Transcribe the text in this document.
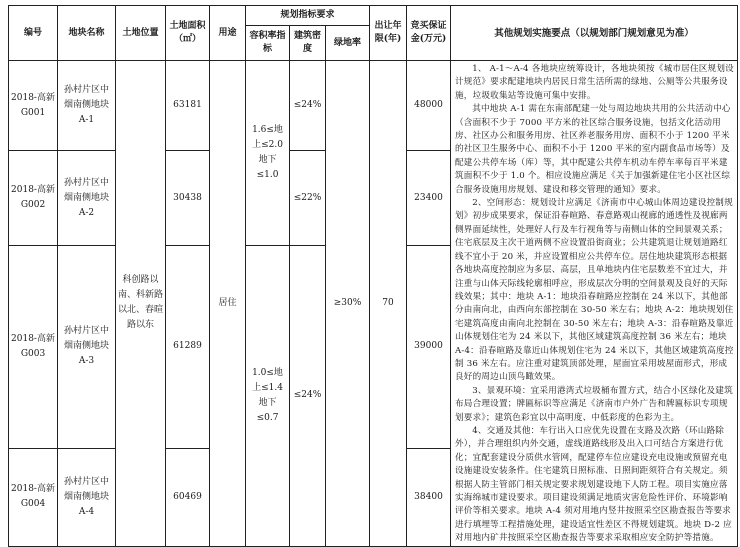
编号	地块名称	土地位置	土地面积（㎡）	用途	规划指标要求			出让年限(年)	竞买保证金(万元)	其他规划实施要点（以规划部门规划意见为准）
					容积率指标	建筑密度	绿地率			
2018-高新 G001	孙村片区中烟南侧地块A-1	科创路以南、科新路以北、春暄路以东	63181	居住	1.6≤地上≤2.0 地下≤1.0	≤24%	≥30%	70	48000	1、 A-1～A-4 各地块应统筹设计，各地块须按《城市居住区规划设计规范》要求配建地块内居民日常生活所需的绿地、公厕等公共服务设施，垃圾收集站等设施可集中安排。

其中地块 A-1 需在东南部配建一处与周边地块共用的公共活动中心（含面积不少于 7000 平方米的社区综合服务设施，包括文化活动用房、社区办公和服务用房、社区养老服务用房、面积不小于 1200 平米的社区卫生服务中心、面积不小于 1200 平米的室内副食品市场等）及配建公共停车场（库）等，其中配建公共停车机动车停车率每百平米建筑面积不少于 1.0 个。相应设施应满足《关于加强新建住宅小区社区综合服务设施用房规划、建设和移交管理的通知》要求。

2、空间形态：规划设计应满足《济南市中心城山体周边建设控制规划》初步成果要求，保证沿春暄路、春意路观山视廊的通透性及视廊两侧界面延续性，处理好人行及车行视角等与南侧山体的空间景观关系；住宅底层及主次干道两侧不应设置沿街商业；公共建筑退让规划道路红线不宜小于 20 米，并应设置相应公共停车位。居住地块建筑形态根据各地块高度控制应为多层、高层，且单地块内住宅层数差不宜过大，并注重与山体天际线轮廓相呼应，形成层次分明的空间景观及良好的天际线效果；其中：地块 A-1：地块沿春暄路应控制在 24 米以下，其他部分由南向北，由西向东部控制在 30-50 米左右；地块 A-2：地块规划住宅建筑高度由南向北控制在 30-50 米左右；地块 A-3：沿春暄路及靠近山体规划住宅为 24 米以下，其他区域建筑高度控制 36 米左右；地块 A-4：沿春暄路及靠近山体规划住宅为 24 米以下，其他区域建筑高度控制 36 米左右。应注重对建筑顶部处理，屋面宜采用坡屋面形式，形成良好的周边山顶鸟瞰效果。

3、景观环境：宜采用港湾式垃圾桶布置方式，结合小区绿化及建筑布局合理设置；牌匾标识等应满足《济南市户外广告和牌匾标识专项规划要求》；建筑色彩宜以中高明度、中低彩度的色彩为主。

4、交通及其他：车行出入口应优先设置在支路及次路（环山路除外），并合理组织内外交通，虚线道路线形及出入口可结合方案进行优化；宜配套建设分质供水管网，配建停车位应建设充电设施或预留充电设施建设安装条件。住宅建筑日照标准、日照间距须符合有关规定。须根据人防主管部门相关规定要求规划建设地下人防工程。项目实施应落实海绵城市建设要求。项目建设须满足地质灾害危险性评价、环境影响评价等相关要求。地块 A-4 须对用地内竖井按照采空区勘查报告等要求进行填埋等工程措施处理，建设适宜性差区不得规划建筑。地块 D-2 应对用地内矿井按照采空区勘查报告等要求采取相应安全防护等措施。

2018-高新 G002	孙村片区中烟南侧地块A-2		30438			≤22%			23400	
2018-高新 G003	孙村片区中烟南侧地块A-3		61289		1.0≤地上≤1.4 地下≤0.7	≤24%			39000	
2018-高新 G004	孙村片区中烟南侧地块A-4		60469						38400	
